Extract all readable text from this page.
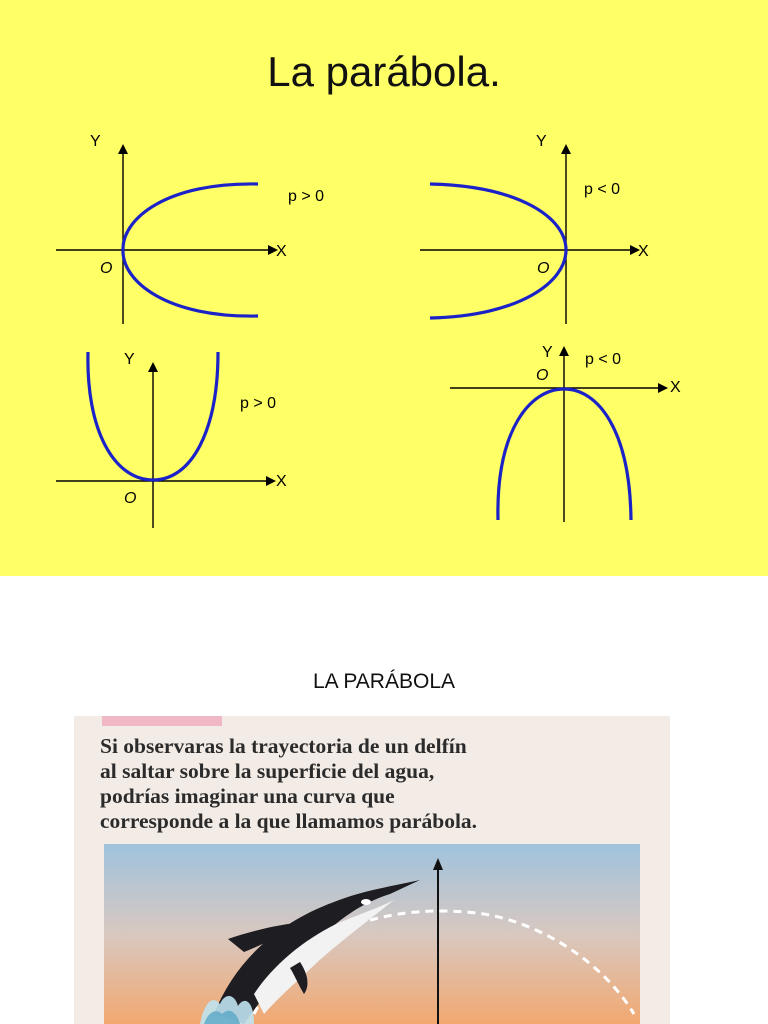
La parábola.
Y
X
O
p > 0
Y
X
O
p < 0
Y
X
O
p > 0
Y
X
O
p < 0
LA PARÁBOLA
Si observaras la trayectoria de un delfín
al saltar sobre la superficie del agua,
podrías imaginar una curva que
corresponde a la que llamamos parábola.
